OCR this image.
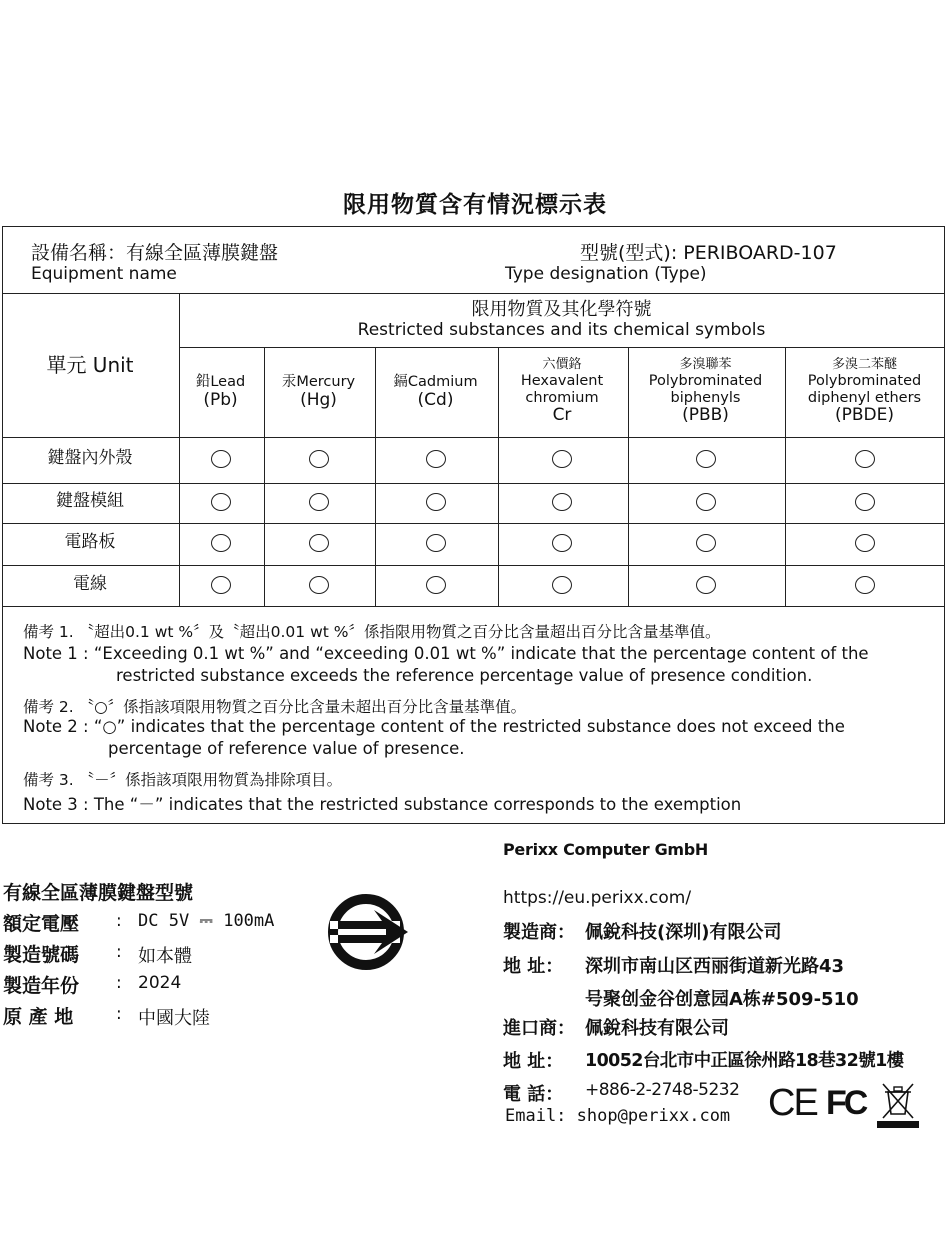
限用物質含有情況標示表
設備名稱：有線全區薄膜鍵盤
Equipment name
型號(型式): PERIBOARD-107
Type designation (Type)
單元 Unit
限用物質及其化學符號
Restricted substances and its chemical symbols
鉛Lead
(Pb)
汞Mercury
(Hg)
鎘Cadmium
(Cd)
六價鉻
Hexavalent
chromium
Cr
多溴聯苯
Polybrominated
biphenyls
(PBB)
多溴二苯醚
Polybrominated
diphenyl ethers
(PBDE)
鍵盤內外殼
鍵盤模組
電路板
電線
備考 1. 〝超出0.1 wt %〞及〝超出0.01 wt %〞係指限用物質之百分比含量超出百分比含量基準值。
Note 1 : “Exceeding 0.1 wt %” and “exceeding 0.01 wt %” indicate that the percentage content of the
restricted substance exceeds the reference percentage value of presence condition.
備考 2. 〝○〞係指該項限用物質之百分比含量未超出百分比含量基準值。
Note 2 : “○” indicates that the percentage content of the restricted substance does not exceed the
percentage of reference value of presence.
備考 3. 〝－〞係指該項限用物質為排除項目。
Note 3 : The “－” indicates that the restricted substance corresponds to the exemption
有線全區薄膜鍵盤型號
額定電壓 : DC 5V ⎓ 100mA
製造號碼 : 如本體
製造年份 : 2024
原 產 地	: 中國大陸
Perixx Computer GmbH
https://eu.perixx.com/
製造商： 佩銳科技(深圳)有限公司
地 址： 深圳市南山区西丽街道新光路43
号聚创金谷创意园A栋#509-510
進口商： 佩銳科技有限公司
地 址： 10052台北市中正區徐州路18巷32號1樓
電 話： +886-2-2748-5232
Email: shop@perixx.com CE FC
